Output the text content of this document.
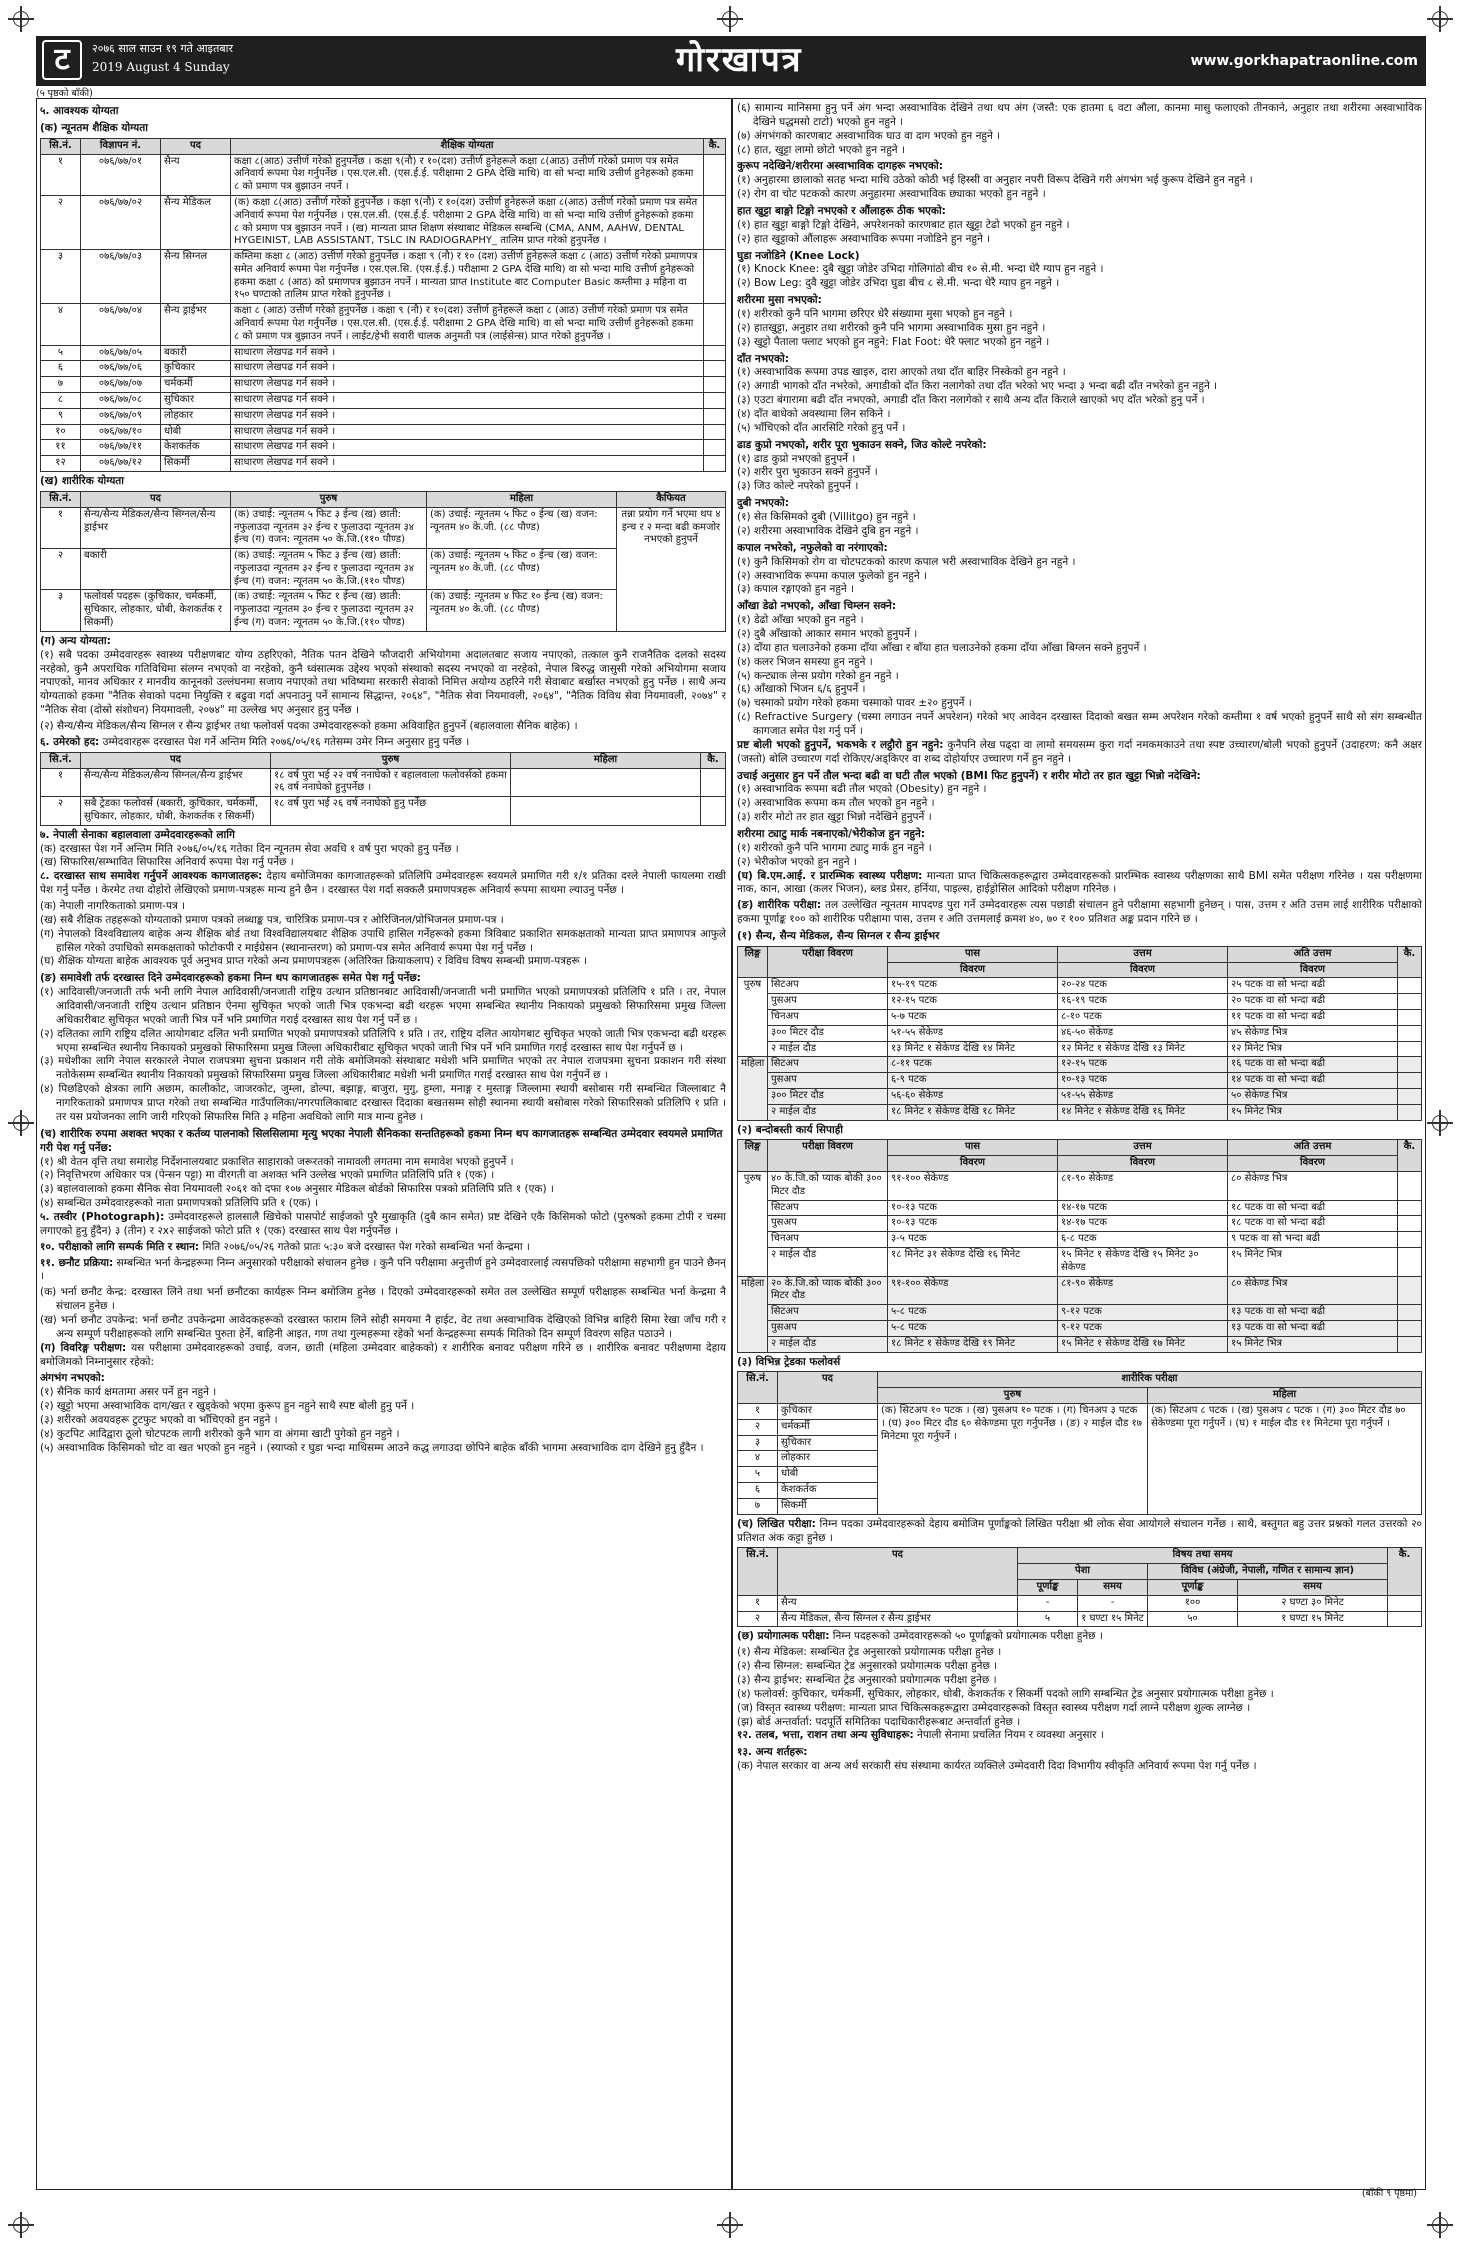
ट	२०७६ साल साउन १९ गते आइतबार
2019 August 4 Sunday	गोरखापत्र	www.gorkhapatraonline.com
(५ पृष्ठको बाँकी)
५. आवश्यक योग्यता
(क) न्यूनतम शैक्षिक योग्यता
सि.नं.	विज्ञापन नं.	पद	शैक्षिक योग्यता	कै.
१	०७६/७७/०१	सैन्य	कक्षा ८(आठ) उत्तीर्ण गरेको हुनुपर्नेछ । कक्षा ९(नौ) र १०(दश) उत्तीर्ण हुनेहरूले कक्षा ८(आठ) उत्तीर्ण गरेको प्रमाण पत्र समेत अनिवार्य रूपमा पेश गर्नुपर्नेछ । एस.एल.सी. (एस.ई.ई. परीक्षामा 2 GPA देखि माथि) वा सो भन्दा माथि उत्तीर्ण हुनेहरूको हकमा ८ को प्रमाण पत्र बुझाउन नपर्ने ।	
२	०७६/७७/०२	सैन्य मेडिकल	(क) कक्षा ८(आठ) उत्तीर्ण गरेको हुनुपर्नेछ । कक्षा ९(नौ) र १०(दश) उत्तीर्ण हुनेहरूले कक्षा ८(आठ) उत्तीर्ण गरेको प्रमाण पत्र समेत अनिवार्य रूपमा पेश गर्नुपर्नेछ । एस.एल.सी. (एस.ई.ई. परीक्षामा 2 GPA देखि माथि) वा सो भन्दा माथि उत्तीर्ण हुनेहरूको हकमा ८ को प्रमाण पत्र बुझाउन नपर्ने । (ख) मान्यता प्राप्त शिक्षण संस्थाबाट मेडिकल सम्बन्धि (CMA, ANM, AAHW, DENTAL HYGEINIST, LAB ASSISTANT, TSLC IN RADIOGRAPHY_ तालिम प्राप्त गरेको हुनुपर्नेछ ।	
३	०७६/७७/०३	सैन्य सिग्नल	कम्तिमा कक्षा ८ (आठ) उत्तीर्ण गरेको हुनुपर्नेछ । कक्षा ९ (नौ) र १० (दश) उत्तीर्ण हुनेहरूले कक्षा ८ (आठ) उत्तीर्ण गरेको प्रमाणपत्र समेत अनिवार्य रूपमा पेश गर्नुपर्नेछ । एस.एल.सि. (एस.ई.ई.) परीक्षामा 2 GPA देखि माथि) वा सो भन्दा माथि उत्तीर्ण हुनेहरूको हकमा कक्षा ८ (आठ) को प्रमाणपत्र बुझाउन नपर्ने । मान्यता प्राप्त Institute बाट Computer Basic कम्तीमा ३ महिना वा १५० घण्टाको तालिम प्राप्त गरेको हुनुपर्नेछ ।	
४	०७६/७७/०४	सैन्य ड्राईभर	कक्षा ८ (आठ) उत्तीर्ण गरेको हुनुपर्नेछ । कक्षा ९ (नौ) र १०(दश) उत्तीर्ण हुनेहरूले कक्षा ८ (आठ) उत्तीर्ण गरेको प्रमाण पत्र समेत अनिवार्य रूपमा पेश गर्नुपर्नेछ । एस.एल.सी. (एस.ई.ई. परीक्षामा 2 GPA देखि माथि) वा सो भन्दा माथि उत्तीर्ण हुनेहरूको हकमा ८ को प्रमाण पत्र बुझाउन नपर्ने । लाईट/हेभी सवारी चालक अनुमती पत्र (लाईसेन्स) प्राप्त गरेको हुनुपर्नेछ ।	
५	०७६/७७/०५	बकारी	साधारण लेखपढ गर्न सक्ने ।	
६	०७६/७७/०६	कुचिकार	साधारण लेखपढ गर्न सक्ने ।	
७	०७६/७७/०७	चर्मकर्मी	साधारण लेखपढ गर्न सक्ने ।	
८	०७६/७७/०८	सुचिकार	साधारण लेखपढ गर्न सक्ने ।	
९	०७६/७७/०९	लोहकार	साधारण लेखपढ गर्न सक्ने ।	
१०	०७६/७७/१०	धोबी	साधारण लेखपढ गर्न सक्ने ।	
११	०७६/७७/११	केशकर्तक	साधारण लेखपढ गर्न सक्ने ।	
१२	०७६/७७/१२	सिकर्मी	साधारण लेखपढ गर्न सक्ने ।	
(ख) शारीरिक योग्यता
सि.नं.	पद	पुरुष	महिला	कैफियत
१	सैन्य/सैन्य मेडिकल/सैन्य सिग्नल/सैन्य ड्राईभर	(क) उचाई: न्यूनतम ५ फिट ३ ईन्च (ख) छाती: नफुलाउदा न्यूनतम ३२ ईन्च र फुलाउदा न्यूनतम ३४ ईन्च (ग) वजन: न्यूनतम ५० के.जि.(११० पौण्ड)	(क) उचाई: न्यूनतम ५ फिट ० ईन्च (ख) वजन: न्यूनतम ४० के.जी. (८८ पौण्ड)	तन्ना प्रयोग गर्ने भएमा थप ४ इन्च र २ मन्दा बढी कमजोर नभएको हुनुपर्ने
२	बकारी	(क) उचाई: न्यूनतम ५ फिट ३ ईन्च (ख) छाती: नफुलाउदा न्यूनतम ३२ ईन्च र फुलाउदा न्यूनतम ३४ ईन्च (ग) वजन: न्यूनतम ५० के.जि.(११० पौण्ड)	(क) उचाई: न्यूनतम ५ फिट ० ईन्च (ख) वजन: न्यूनतम ४० के.जी. (८८ पौण्ड)	
३	फलोवर्स पदहरू (कुचिकार, चर्मकर्मी, सुचिकार, लोहकार, धोबी, केशकर्तक र सिकर्मी)	(क) उचाई: न्यूनतम ५ फिट १ ईन्च (ख) छाती: नफुलाउदा न्यूनतम ३० ईन्च र फुलाउदा न्यूनतम ३२ ईन्च (ग) वजन: न्यूनतम ५० के.जि.(११० पौण्ड)	(क) उचाई: न्यूनतम ४ फिट १० ईन्च (ख) वजन: न्यूनतम ४० के.जी. (८८ पौण्ड)	
(ग) अन्य योग्यता:
(१) सबै पदका उम्मेदवारहरू स्वास्थ्य परीक्षणबाट योग्य ठहरिएको, नैतिक पतन देखिने फौजदारी अभियोगमा अदालतबाट सजाय नपाएको, तत्काल कुनै राजनैतिक दलको सदस्य नरहेको, कुनै अपराधिक गतिविधिमा संलग्न नभएको वा नरहेको, कुनै ध्वंसात्मक उद्देश्य भएको संस्थाको सदस्य नभएको वा नरहेको, नेपाल बिरुद्ध जासुसी गरेको अभियोगमा सजाय नपाएको, मानव अधिकार र मानवीय कानूनको उल्लंघनमा सजाय नपाएको तथा भविष्यमा सरकारी सेवाको निमित्त अयोग्य ठहरिने गरी सेवाबाट बर्खास्त नभएको हुनु पर्नेछ । साथै अन्य योग्यताको हकमा "नैतिक सेवाको पदमा नियुक्ति र बढुवा गर्दा अपनाउनु पर्ने सामान्य सिद्धान्त, २०६४", "नैतिक सेवा नियमावली, २०६४", "नैतिक विविध सेवा नियमावली, २०७४" र "नैतिक सेवा (दोस्रो संशोधन) नियमावली, २०७४" मा उल्लेख भए अनुसार हुनु पर्नेछ ।
(२) सैन्य/सैन्य मेडिकल/सैन्य सिग्नल र सैन्य ड्राईभर तथा फलोवर्स पदका उम्मेदवारहरूको हकमा अविवाहित हुनुपर्ने (बहालवाला सैनिक बाहेक) ।
६. उमेरको हद: उम्मेदवारहरू दरखास्त पेश गर्ने अन्तिम मिति २०७६/०५/१६ गतेसम्म उमेर निम्न अनुसार हुनु पर्नेछ ।
सि.नं.	पद	पुरुष	महिला	कै.
१	सैन्य/सैन्य मेडिकल/सैन्य सिग्नल/सैन्य ड्राईभर	१८ वर्ष पुरा भई २२ वर्ष ननाघेको र बहालवाला फलोवर्सको हकमा २६ वर्ष ननाघेको हुनुपर्नेछ ।		
२	सबै ट्रेडका फलोवर्स (बकारी, कुचिकार, चर्मकर्मी, सुचिकार, लोहकार, धोबी, केशकर्तक र सिकर्मी)	१८ वर्ष पुरा भई २६ वर्ष ननाघेको हुनु पर्नेछ		
७. नेपाली सेनाका बहालवाला उम्मेदवारहरूको लागि
(क) दरखास्त पेश गर्ने अन्तिम मिति २०७६/०५/१६ गतेका दिन न्यूनतम सेवा अवधि १ वर्ष पुरा भएको हुनु पर्नेछ ।
(ख) सिफारिस/सम्भावित सिफारिस अनिवार्य रूपमा पेश गर्नु पर्नेछ ।
८. दरखास्त साथ समावेश गर्नुपर्ने आवश्यक कागजातहरू: देहाय बमोजिमका कागजातहरूको प्रतिलिपि उम्मेदवारहरू स्वयमले प्रमाणित गरी १/१ प्रतिका दरले नेपाली फायलमा राखी पेश गर्नु पर्नेछ । केरमेट तथा दोहोरो लेखिएको प्रमाण-पत्रहरू मान्य हुने छैन । दरखास्त पेश गर्दा सक्कलै प्रमाणपत्रहरू अनिवार्य रूपमा साथमा ल्याउनु पर्नेछ ।
(क) नेपाली नागरिकताको प्रमाण-पत्र ।
(ख) सबै शैक्षिक तहहरूको योग्यताको प्रमाण पत्रको लब्धाङ्क पत्र, चारित्रिक प्रमाण-पत्र र ओरिजिनल/प्रोभिजनल प्रमाण-पत्र ।
(ग) नेपालको विश्वविद्यालय बाहेक अन्य शैक्षिक बोर्ड तथा विश्वविद्यालयबाट शैक्षिक उपाधि हासिल गर्नेहरूको हकमा त्रिविबाट प्रकाशित समकक्षताको मान्यता प्राप्त प्रमाणपत्र आफुले हासिल गरेको उपाधिको समकक्षताको फोटोकपी र माईग्रेसन (स्थानान्तरण) को प्रमाण-पत्र समेत अनिवार्य रूपमा पेश गर्नु पर्नेछ ।
(घ) शैक्षिक योग्यता बाहेक आवश्यक पूर्व अनुभव प्राप्त गरेको अन्य प्रमाणपत्रहरू (अतिरिक्त क्रियाकलाप) र विविध विषय सम्बन्धी प्रमाण-पत्रहरू ।
(ङ) समावेशी तर्फ दरखास्त दिने उम्मेदवारहरूको हकमा निम्न थप कागजातहरू समेत पेश गर्नु पर्नेछ:
(१) आदिवासी/जनजाती तर्फ भनी लागि नेपाल आदिवासी/जनजाती राष्ट्रिय उत्थान प्रतिष्ठानबाट आदिवासी/जनजाती भनी प्रमाणित भएको प्रमाणपत्रको प्रतिलिपि १ प्रति । तर, नेपाल आदिवासी/जनजाती राष्ट्रिय उत्थान प्रतिष्ठान ऐनमा सुचिकृत भएको जाती भित्र एकभन्दा बढी थरहरू भएमा सम्बन्धित स्थानीय निकायको प्रमुखको सिफारिसमा प्रमुख जिल्ला अधिकारीबाट सुचिकृत भएको जाती भित्र पर्ने भनि प्रमाणित गराई दरखास्त साथ पेश गर्नु पर्ने छ ।
(२) दलितका लागि राष्ट्रिय दलित आयोगबाट दलित भनी प्रमाणित भएको प्रमाणपत्रको प्रतिलिपि १ प्रति । तर, राष्ट्रिय दलित आयोगबाट सुचिकृत भएको जाती भित्र एकभन्दा बढी थरहरू भएमा सम्बन्धित स्थानीय निकायको प्रमुखको सिफारिसमा प्रमुख जिल्ला अधिकारीबाट सुचिकृत भएको जाती भित्र पर्ने भनि प्रमाणित गराई दरखास्त साथ पेश गर्नुपर्ने छ ।
(३) मधेशीका लागि नेपाल सरकारले नेपाल राजपत्रमा सुचना प्रकाशन गरी तोके बमोजिमको संस्थाबाट मधेशी भनि प्रमाणित भएको तर नेपाल राजपत्रमा सुचना प्रकाशन गरी संस्था नतोकेसम्म सम्बन्धित स्थानीय निकायको प्रमुखको सिफारिसमा प्रमुख जिल्ला अधिकारीबाट मधेशी भनी प्रमाणित गराई दरखास्त साथ पेश गर्नुपर्ने छ ।
(४) पिछडिएको क्षेत्रका लागि अछाम, कालीकोट, जाजरकोट, जुम्ला, डोल्पा, बझाङ्ग, बाजुरा, मुगु, हुम्ला, मनाङ्ग र मुस्ताङ्ग जिल्लामा स्थायी बसोबास गरी सम्बन्धित जिल्लाबाट नै नागरिकताको प्रमाणपत्र प्राप्त गरेको तथा सम्बन्धित गाउँपालिका/नगरपालिकाबाट दरखास्त दिदाका बखतसम्म सोही स्थानमा स्थायी बसोबास गरेको सिफारिसको प्रतिलिपि १ प्रति । तर यस प्रयोजनका लागि जारी गरिएको सिफारिस मिति ३ महिना अवधिको लागि मात्र मान्य हुनेछ ।
(च) शारीरिक रुपमा अशक्त भएका र कर्तव्य पालनाको सिलसिलामा मृत्यु भएका नेपाली सैनिकका सन्ततिहरूको हकमा निम्न थप कागजातहरू सम्बन्धित उम्मेदवार स्वयमले प्रमाणित गरी पेश गर्नु पर्नेछ:
(१) श्री वेतन वृत्ति तथा समारोह निर्देशनालयबाट प्रकाशित साहाराको जरूरतको नामावली लगतमा नाम समावेश भएको हुनुपर्ने ।
(२) निवृत्तिभरण अधिकार पत्र (पेन्सन पट्टा) मा वीरगती वा अशक्त भनि उल्लेख भएको प्रमाणित प्रतिलिपि प्रति १ (एक) ।
(३) बहालवालाको हकमा सैनिक सेवा नियमावली २०६१ को दफा १०७ अनुसार मेडिकल बोर्डको सिफारिस पत्रको प्रतिलिपि प्रति १ (एक) ।
(४) सम्बन्धित उम्मेदवारहरूको नाता प्रमाणपत्रको प्रतिलिपि प्रति १ (एक) ।
५. तस्वीर (Photograph): उम्मेदवारहरूले हालसालै खिचेको पासपोर्ट साईजको पुरै मुखाकृति (दुबै कान समेत) प्रष्ट देखिने एकै किसिमको फोटो (पुरुषको हकमा टोपी र चस्मा लगाएको हुनु हुँदैन) ३ (तीन) र २x२ साईजको फोटो प्रति १ (एक) दरखास्त साथ पेश गर्नुपर्नेछ ।
१०. परीक्षाको लागि सम्पर्क मिति र स्थान: मिति २०७६/०५/२६ गतेको प्रातः ५:३० बजे दरखास्त पेश गरेको सम्बन्धित भर्ना केन्द्रमा ।
११. छनौट प्रक्रिया: सम्बन्धित भर्ना केन्द्रहरूमा निम्न अनुसारको परीक्षाको संचालन हुनेछ । कुनै पनि परीक्षामा अनुत्तीर्ण हुने उम्मेदवारलाई त्यसपछिको परीक्षामा सहभागी हुन पाउने छैनन् ।
(क) भर्ना छनौट केन्द्र: दरखास्त लिने तथा भर्ना छनौटका कार्यहरू निम्न बमोजिम हुनेछ । दिएको उम्मेदवारहरूको समेत तल उल्लेखित सम्पूर्ण परीक्षाहरू सम्बन्धित भर्ना केन्द्रमा नै संचालन हुनेछ ।
(ख) भर्ना छनौट उपकेन्द्र: भर्ना छनौट उपकेन्द्रमा आवेदकहरूको दरखास्त फाराम लिने सोही समयमा नै हाईट, वेट तथा अस्वाभाविक देखिएको विभिन्न बाहिरी सिमा रेखा जाँच गरी र अन्य सम्पूर्ण परीक्षाहरूको लागि सम्बन्धित पुरुता हेर्ने, बाहिनी आइत, गण तथा गुल्महरूमा रहेको भर्ना केन्द्रहरूमा सम्पर्क मितिको दिन सम्पूर्ण विवरण सहित पठाउने ।
(ग) विवरिङ्ग परीक्षण: यस परीक्षामा उम्मेदवारहरूको उचाई, वजन, छाती (महिला उम्मेदवार बाहेकको) र शारीरिक बनावट परीक्षण गरिने छ । शारीरिक बनावट परीक्षणमा देहाय बमोजिमको निम्नानुसार रहेको:
अंगभंग नभएको:
(१) सैनिक कार्य क्षमतामा असर पर्ने हुन नहुने ।
(२) खुट्टो भएमा अस्वाभाविक दाग/खत र खुड्केको भएमा कुरूप हुन नहुने साथै स्पष्ट बोली हुनु पर्ने ।
(३) शरीरको अवयवहरू टुटफुट भएको वा भाँचिएको हुन नहुने ।
(४) कुटपिट आदिद्वारा ठूलो चोटपटक लागी शरीरको कुनै भाग वा अंगमा खाटी पुगेको हुन नहुने ।
(५) अस्वाभाविक किसिमको चोट वा खत भएको हुन नहुने । (स्याप्को र घुडा भन्दा माथिसम्म आउने कद्ध लगाउदा छोपिने बाहेक बाँकी भागमा अस्वाभाविक दाग देखिने हुनु हुँदैन ।
(६) सामान्य मानिसमा हुनु पर्ने अंग भन्दा अस्वाभाविक देखिने तथा थप अंग (जस्तै: एक हातमा ६ वटा औला, कानमा मासु फलाएको तीनकाने, अनुहार तथा शरीरमा अस्वाभाविक देखिने घद्धमसो टाटो) भएको हुन नहुने ।
(७) अंगभंगको कारणबाट अस्वाभाविक घाउ वा दाग भएको हुन नहुने ।
(८) हात, खुट्टा लामो छोटो भएको हुन नहुने ।
कुरूप नदेखिने/शरीरमा अस्वाभाविक दागहरू नभएको:
(१) अनुहारमा छालाको सतह भन्दा माथि उठेको कोठी भई हिस्सी वा अनुहार नपरी विरूप देखिने गरी अंगभंग भई कुरूप देखिने हुन नहुने ।
(२) रोग वा चोट पटकको कारण अनुहारमा अस्वाभाविक छ्याका भएको हुन नहुने ।
हात खुट्टा बाङ्गो टिङ्गो नभएको र औंलाहरू ठीक भएको:
(१) हात खुट्टा बाङ्गो टिङ्गो देखिने, अपरेशनको कारणबाट हात खुट्टा टेढो भएको हुन नहुने ।
(२) हात खुट्टाको औंलाहरू अस्वाभाविक रूपमा नजोडिने हुन नहुने ।
घुडा नजोडिने (Knee Lock)
(१) Knock Knee: दुबै खुट्टा जोडेर उभिदा गोलिगांठो बीच १० से.मी. भन्दा धेरै ग्याप हुन नहुने ।
(२) Bow Leg: दुवै खुट्टा जोडेर उभिदा घुडा बीच ८ से.मी. भन्दा धेरै ग्याप हुन नहुने ।
शरीरमा मुसा नभएको:
(१) शरीरको कुनै पनि भागमा छरिएर धेरै संख्यामा मुसा भएको हुन नहुने ।
(२) हातखुट्टा, अनुहार तथा शरीरको कुनै पनि भागमा अस्वाभाविक मुसा हुन नहुने ।
(३) खुट्टो पैताला फ्लाट भएको हुन नहुने: Flat Foot: धेरै फ्लाट भएको हुन नहुने ।
दाँत नभएको:
(१) अस्वाभाविक रूपमा उपड खाइरु, दारा आएको तथा दाँत बाहिर निस्केको हुन नहुने ।
(२) अगाडी भागको दाँत नभरेको, अगाडीको दाँत किरा नलागेको तथा दाँत भरेको भए भन्दा ३ भन्दा बढी दाँत नभरेको हुन नहुने ।
(३) एउटा बंगारामा बढी दाँत नभएको, अगाडी दाँत किरा नलागेको र साथै अन्य दाँत किराले खाएको भए दाँत भरेको हुनु पर्ने ।
(४) दाँत बाधेको अवस्थामा लिन सकिने ।
(५) भाँचिएको दाँत आरसिटि गरेको हुनु पर्ने ।
ढाड कुप्रो नभएको, शरीर पूरा भुकाउन सक्ने, जिउ कोल्टे नपरेको:
(१) ढाड कुप्रो नभएको हुनुपर्ने ।
(२) शरीर पुरा भुकाउन सक्ने हुनुपर्ने ।
(३) जिउ कोल्टे नपरेको हुनुपर्ने ।
दुबी नभएको:
(१) सेत किसिमको दुबी (Villitgo) हुन नहुने ।
(२) शरीरमा अस्वाभाविक देखिने दुबि हुन नहुने ।
कपाल नभरेको, नफुलेको वा नरंगाएको:
(१) कुनै किसिमको रोग वा चोटपटकको कारण कपाल भरी अस्वाभाविक देखिने हुन नहुने ।
(२) अस्वाभाविक रूपमा कपाल फुलेको हुन नहुने ।
(३) कपाल रङ्गाएको हुन नहुने ।
आँखा डेढो नभएको, आँखा चिम्लन सक्ने:
(१) डेढो आँखा भएको हुन नहुने ।
(२) दुबै आँखाको आकार समान भएको हुनुपर्ने ।
(३) दाँया हात चलाउनेको हकमा दाँया आँखा र बाँया हात चलाउनेको हकमा दाँया आँखा बिग्लन सक्ने हुनुपर्ने ।
(४) कलर भिजन समस्या हुन नहुने ।
(५) कन्ट्याक लेन्स प्रयोग गरेको हुन नहुने ।
(६) आँखाको भिजन ६/६ हुनुपर्ने ।
(७) चस्माको प्रयोग गरेको हकमा चस्माको पावर ±२० हुनुपर्ने ।
(८) Refractive Surgery (चस्मा लगाउन नपर्ने अपरेशन) गरेको भए आवेदन दरखास्त दिदाको बखत सम्म अपरेशन गरेको कम्तीमा १ वर्ष भएको हुनुपर्ने साथै सो संग सम्बन्धीत कागजात समेत पेश गर्नु पर्ने ।
प्रष्ट बोली भएको हुनुपर्ने, भकभके र लट्ठौरो हुन नहुने: कुनैपनि लेख पढ्दा वा लामो समयसम्म कुरा गर्दा नमकमकाउने तथा स्पष्ट उच्चारण/बोली भएको हुनुपर्ने (उदाहरण: कनै अक्षर (जस्तो) बोलि उच्चारण गर्दा रोकिएर/अड्किएर वा शब्द दोहोर्याएर उच्चारण गर्ने हुन नहुने ।
उचाई अनुसार हुन पर्ने तौल भन्दा बढी वा घटी तौल भएको (BMI फिट हुनुपर्ने) र शरीर मोटो तर हात खुट्टा भिन्नो नदेखिने:
(१) अस्वाभाविक रूपमा बढी तौल भएको (Obesity) हुन नहुने ।
(२) अस्वाभाविक रूपमा कम तौल भएको हुन नहुने ।
(३) शरीर मोटो तर हात खुट्टा भिन्नो नदेखिने हुनुपर्ने ।
शरीरमा ट्याटु मार्क नबनाएको/भेरीकोज हुन नहुने:
(१) शरीरको कुनै पनि भागमा ट्याटु मार्क हुन नहुने ।
(२) भेरीकोज भएको हुन नहुने ।
(घ) बि.एम.आई. र प्रारम्भिक स्वास्थ्य परीक्षण: मान्यता प्राप्त चिकित्सकहरूद्वारा उम्मेदवारहरूको प्रारम्भिक स्वास्थ्य परीक्षणका साथै BMI समेत परीक्षण गरिनेछ । यस परीक्षणमा नाक, कान, आखा (कलर भिजन), ब्लड प्रेसर, हर्निया, पाइल्स, हाईड्रोसिल आदिको परीक्षण गरिनेछ ।
(ङ) शारीरिक परीक्षा: तल उल्लेखित न्यूनतम मापदण्ड पुरा गर्ने उम्मेदवारहरू त्यस पछाडी संचालन हुने परीक्षामा सहभागी हुनेछन् । पास, उत्तम र अति उत्तम लाई शारीरिक परीक्षाको हकमा पूर्णाङ्क १०० को शारीरिक परीक्षामा पास, उत्तम र अति उत्तमलाई क्रमश ४०, ७० र १०० प्रतिशत अङ्क प्रदान गरिने छ ।
(१) सैन्य, सैन्य मेडिकल, सैन्य सिग्नल र सैन्य ड्राईभर
लिङ्ग	परीक्षा विवरण	पास	उत्तम	अति उत्तम	कै.
		विवरण	विवरण	विवरण	
पुरुष	सिटअप	१५-१९ पटक	२०-२४ पटक	२५ पटक वा सो भन्दा बढी	
	पुसअप	१२-१५ पटक	१६-१९ पटक	२० पटक वा सो भन्दा बढी	
	चिनअप	५-७ पटक	८-१० पटक	११ पटक वा सो भन्दा बढी	
	३०० मिटर दौड	५१-५५ सेकेण्ड	४६-५० सेकेण्ड	४५ सेकेण्ड भित्र	
	२ माईल दौड	१३ मिनेट १ सेकेण्ड देखि १४ मिनेट	१२ मिनेट १ सेकेण्ड देखि १३ मिनेट	१२ मिनेट भित्र	
महिला	सिटअप	८-११ पटक	१२-१५ पटक	१६ पटक वा सो भन्दा बढी	
	पुसअप	६-९ पटक	१०-१३ पटक	१४ पटक वा सो भन्दा बढी	
	३०० मिटर दौड	५६-६० सेकेण्ड	५१-५५ सेकेण्ड	५० सेकेण्ड भित्र	
	२ माईल दौड	१८ मिनेट १ सेकेण्ड देखि १८ मिनेट	१४ मिनेट १ सेकेण्ड देखि १६ मिनेट	१५ मिनेट भित्र	
(२) बन्दोबस्ती कार्य सिपाही
लिङ्ग	परीक्षा विवरण	पास	उत्तम	अति उत्तम	कै.
		विवरण	विवरण	विवरण	
पुरुष	४० के.जि.को प्याक बोकी ३०० मिटर दौड	९१-१०० सेकेण्ड	८१-९० सेकेण्ड	८० सेकेण्ड भित्र	
	सिटअप	१०-१३ पटक	१४-१७ पटक	१८ पटक वा सो भन्दा बढी	
	पुसअप	१०-१३ पटक	१४-१७ पटक	१८ पटक वा सो भन्दा बढी	
	चिनअप	३-५ पटक	६-८ पटक	९ पटक वा सो भन्दा बढी	
	२ माईल दौड	१८ मिनेट ३१ सेकेण्ड देखि १६ मिनेट	१५ मिनेट १ सेकेण्ड देखि १५ मिनेट ३० सेकेण्ड	१५ मिनेट भित्र	
महिला	२० के.जि.को प्याक बोकी ३०० मिटर दौड	९१-१०० सेकेण्ड	८१-९० सेकेण्ड	८० सेकेण्ड भित्र	
	सिटअप	५-८ पटक	९-१२ पटक	१३ पटक वा सो भन्दा बढी	
	पुसअप	५-८ पटक	९-१२ पटक	१३ पटक वा सो भन्दा बढी	
	२ माईल दौड	१८ मिनेट १ सेकेण्ड देखि १९ मिनेट	१५ मिनेट १ सेकेण्ड देखि १७ मिनेट	१५ मिनेट भित्र	
(३) विभिन्न ट्रेडका फलोवर्स
सि.नं.	पद	शारीरिक परीक्षा	
		पुरुष	महिला
१	कुचिकार	(क) सिटअप १० पटक । (ख) पुसअप १० पटक । (ग) चिनअप ३ पटक । (घ) ३०० मिटर दौड ६० सेकेण्डमा पूरा गर्नुपर्नेछ । (ङ) २ माईल दौड १७ मिनेटमा पूरा गर्नुपर्ने ।	(क) सिटअप ८ पटक । (ख) पुसअप ८ पटक । (ग) ३०० मिटर दौड ७० सेकेण्डमा पूरा गर्नुपर्ने । (घ) १ माईल दौड ११ मिनेटमा पूरा गर्नुपर्ने ।
२	चर्मकर्मी		
३	सुचिकार		
४	लोहकार		
५	धोबी		
६	केशकर्तक		
७	सिकर्मी		
(च) लिखित परीक्षा: निम्न पदका उम्मेदवारहरूको देहाय बमोजिम पूर्णाङ्कको लिखित परीक्षा श्री लोक सेवा आयोगले संचालन गर्नेछ । साथै, बस्तुगत बहु उत्तर प्रश्नको गलत उत्तरको २० प्रतिशत अंक कट्टा हुनेछ ।
सि.नं.	पद	विषय तथा समय				कै.
		पेशा		विविध (अंग्रेजी, नेपाली, गणित र सामान्य ज्ञान)		
		पूर्णाङ्क	समय	पूर्णाङ्क	समय	
१	सैन्य	-	-	१००	२ घण्टा ३० मिनेट	
२	सैन्य मेडिकल, सैन्य सिग्नल र सैन्य ड्राईभर	५	१ घण्टा १५ मिनेट	५०	१ घण्टा १५ मिनेट	
(छ) प्रयोगात्मक परीक्षा: निम्न पदहरूको उम्मेदवारहरूको ५० पूर्णाङ्कको प्रयोगात्मक परीक्षा हुनेछ ।
(१) सैन्य मेडिकल: सम्बन्धित ट्रेड अनुसारको प्रयोगात्मक परीक्षा हुनेछ ।
(२) सैन्य सिग्नल: सम्बन्धित ट्रेड अनुसारको प्रयोगात्मक परीक्षा हुनेछ ।
(३) सैन्य ड्राईभर: सम्बन्धित ट्रेड अनुसारको प्रयोगात्मक परीक्षा हुनेछ ।
(४) फलोवर्स: कुचिकार, चर्मकर्मी, सुचिकार, लोहकार, धोबी, केशकर्तक र सिकर्मी पदको लागि सम्बन्धित ट्रेड अनुसार प्रयोगात्मक परीक्षा हुनेछ ।
(ज) विस्तृत स्वास्थ्य परीक्षण: मान्यता प्राप्त चिकित्सकहरूद्वारा उम्मेदवारहरूको विस्तृत स्वास्थ्य परीक्षण गर्दा लाग्ने परीक्षण शुल्क लाग्नेछ ।
(झ) बोर्ड अन्तर्वार्ता: पदपूर्ति समितिका पदाधिकारीहरूबाट अन्तर्वार्ता हुनेछ ।
१२. तलब, भत्ता, राशन तथा अन्य सुविधाहरू: नेपाली सेनामा प्रचलित नियम र व्यवस्था अनुसार ।
१३. अन्य शर्तहरू:
(क) नेपाल सरकार वा अन्य अर्ध सरकारी संघ संस्थामा कार्यरत व्यक्तिले उम्मेदवारी दिदा विभागीय स्वीकृति अनिवार्य रूपमा पेश गर्नु पर्नेछ ।
(बाँकी ९ पृष्ठमा)
